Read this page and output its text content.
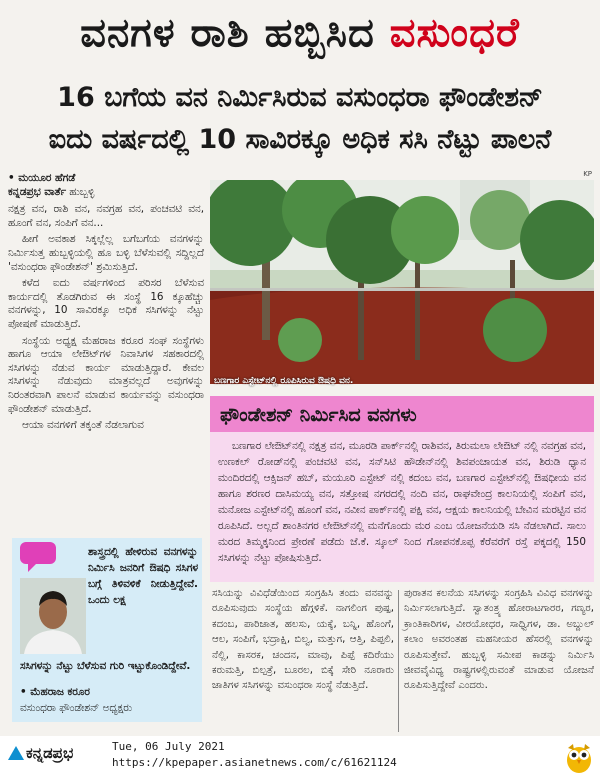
ವನಗಳ ರಾಶಿ ಹಬ್ಬಿಸಿದ ವಸುಂಧರೆ
16 ಬಗೆಯ ವನ ನಿರ್ಮಿಸಿರುವ ವಸುಂಧರಾ ಫೌಂಡೇಶನ್
ಐದು ವರ್ಷದಲ್ಲಿ 10 ಸಾವಿರಕ್ಕೂ ಅಧಿಕ ಸಸಿ ನೆಟ್ಟು ಪಾಲನೆ
KP
• ಮಯೂರ ಹೆಗಡೆ
ಕನ್ನಡಪ್ರಭ ವಾರ್ತೆ ಹುಬ್ಬಳ್ಳಿ

ನಕ್ಷತ್ರ ವನ, ರಾಶಿ ವನ, ನವಗ್ರಹ ವನ, ಪಂಚವಟಿ ವನ, ಹೂಂಗೆ ವನ, ಸಂಪಿಗೆ ವನ...

ಹೀಗೆ ಅವಕಾಶ ಸಿಕ್ಕಲ್ಲೆಲ್ಲ ಬಗೆಬಗೆಯ ವನಗಳನ್ನು ನಿರ್ಮಿಸುತ್ತ ಹುಬ್ಬಳ್ಳಿಯಲ್ಲಿ ಹೂ ಬಳ್ಳಿ ಬೆಳೆಸುವಲ್ಲಿ ಸದ್ದಿಲ್ಲದೆ 'ವಸುಂಧರಾ ಫೌಂಡೇಶನ್' ಶ್ರಮಿಸುತ್ತಿದೆ.

ಕಳೆದ ಐದು ವರ್ಷಗಳಿಂದ ಪರಿಸರ ಬೆಳೆಸುವ ಕಾರ್ಯದಲ್ಲಿ ತೊಡಗಿರುವ ಈ ಸಂಸ್ಥೆ 16 ಕ್ಕೂಹೆಚ್ಚು ವನಗಳನ್ನು, 10 ಸಾವಿರಕ್ಕೂ ಅಧಿಕ ಸಸಿಗಳನ್ನು ನೆಟ್ಟು ಪೋಷಣೆ ಮಾಡುತ್ತಿದೆ.

ಸಂಸ್ಥೆಯ ಅಧ್ಯಕ್ಷ ಮೆಹರಾಜ ಕರೂರ ಸಂಘ ಸಂಸ್ಥೆಗಳು ಹಾಗೂ ಆಯಾ ಲೇಔಟ್‌ಗಳ ನಿವಾಸಿಗಳ ಸಹಕಾರದಲ್ಲಿ ಸಸಿಗಳನ್ನು ನೆಡುವ ಕಾರ್ಯ ಮಾಡುತ್ತಿದ್ದಾರೆ. ಕೇವಲ ಸಸಿಗಳನ್ನು ನೆಡುವುದು ಮಾತ್ರವಲ್ಲದೆ ಅವುಗಳನ್ನು ನಿರಂತರವಾಗಿ ಪಾಲನೆ ಮಾಡುವ ಕಾರ್ಯವನ್ನು ವಸುಂಧರಾ ಫೌಂಡೇಶನ್ ಮಾಡುತ್ತಿದೆ.

ಆಯಾ ವನಗಳಿಗೆ ತಕ್ಕಂತೆ ನೆಡಲಾಗುವ

ಬಣಗಾರ ಎಸ್ಟೇಟ್‌ನಲ್ಲಿ ರೂಪಿಸಿರುವ ಔಷಧಿ ವನ.
ಫೌಂಡೇಶನ್ ನಿರ್ಮಿಸಿದ ವನಗಳು

ಬಣಗಾರ ಲೇಔಟ್‌ನಲ್ಲಿ ನಕ್ಷತ್ರ ವನ, ಮೂರಡಿ ಪಾರ್ಕ್‌ನಲ್ಲಿ ರಾಶಿವನ, ತಿರುಮಲಾ ಲೇಔಟ್ ನಲ್ಲಿ ನವಗ್ರಹ ವನ, ಉಣಕಲ್ ರೋಡ್‌ನಲ್ಲಿ ಪಂಚವಟಿ ವನ, ಸನ್‌ಸಿಟಿ ಹೌಡೇನ್‌ನಲ್ಲಿ ಶಿವಪಂಚಾಯತ ವನ, ಶಿರುಡಿ ಧ್ಯಾನ ಮಂದಿರದಲ್ಲಿ ಆಕ್ಸಿಜನ್ ಹಬ್, ಮಯೂರಿ ಎಸ್ಟೇಟ್ ನಲ್ಲಿ ಕದಂಬ ವನ, ಬಣಗಾರ ಎಸ್ಟೇಟ್‌ನಲ್ಲಿ ಔಷಧೀಯ ವನ ಹಾಗೂ ಶರಣರ ದಾಸಿಮಯ್ಯ ವನ, ಸತ್ತೋಷ ನಗರದಲ್ಲಿ ನಂದಿ ವನ, ರಾಘವೇಂದ್ರ ಕಾಲನಿಯಲ್ಲಿ ಸಂಪಿಗೆ ವನ, ಮನೋಜ ಎಸ್ಟೇಟ್‌ನಲ್ಲಿ ಹೂಂಗೆ ವನ, ನವೀನ ಪಾರ್ಕ್‌ನಲ್ಲಿ ಪಕ್ಷಿ ವನ, ಆಕ್ಷಯ ಕಾಲನಿಯಲ್ಲಿ ಬೇವಿನ ಮರಟ್ಟಿನ ವನ ರೂಪಿಸಿದೆ. ಅಲ್ಲದೆ ಶಾಂತಿನಗರ ಲೇಔಟ್‌ನಲ್ಲಿ ಮನೆಗೊಂದು ಮರ ಎಂಬ ಯೋಜನೆಯಡಿ ಸಸಿ ನೆಡಲಾಗಿದೆ. ಸಾಲು ಮರದ ತಿಮ್ಮಕ್ಕನಿಂದ ಪ್ರೇರಣೆ ಪಡೆದು ಜೆ.ಕೆ. ಸ್ಕೂಲ್ ನಿಂದ ಗೋಪನಕೊಪ್ಪ ಕೆರೆವರೆಗೆ ರಸ್ತೆ ಪಕ್ಕದಲ್ಲಿ 150 ಸಸಿಗಳನ್ನು ನೆಟ್ಟು ಪೋಷಿಸುತ್ತಿದೆ.

ಶಾಸ್ತ್ರದಲ್ಲಿ ಹೇಳಿರುವ ವನಗಳನ್ನು ನಿರ್ಮಿಸಿ ಜನರಿಗೆ ಔಷಧಿ ಸಸಿಗಳ ಬಗ್ಗೆ ತಿಳಿವಳಿಕೆ ನೀಡುತ್ತಿದ್ದೇವೆ. ಒಂದು ಲಕ್ಷ
ಸಸಿಗಳನ್ನು ನೆಟ್ಟು ಬೆಳೆಸುವ ಗುರಿ ಇಟ್ಟುಕೊಂಡಿದ್ದೇವೆ.
• ಮೆಹರಾಜ ಕರೂರ
ವಸುಂಧರಾ ಫೌಂಡೇಶನ್ ಅಧ್ಯಕ್ಷರು
ಸಸಿಯನ್ನು ವಿವಿಧೆಡೆಯಿಂದ ಸಂಗ್ರಹಿಸಿ ತಂದು ವನವನ್ನು ರೂಪಿಸುವುದು ಸಂಸ್ಥೆಯ ಹೆಗ್ಗಳಿಕೆ. ನಾಗಲಿಂಗ ಪುಷ್ಪ, ಕದಂಬ, ಪಾರಿಜಾತ, ಹಲಸು, ಯಕ್ಕೆ, ಬನ್ನಿ, ಹೊಂಗೆ, ಆಲ, ಸಂಪಿಗೆ, ಭದ್ರಾಕ್ಷಿ, ಬಿಲ್ವ, ಮತ್ತುಗ, ಆತ್ತಿ, ಪಿಪ್ಪಲಿ, ನೆಲ್ಲಿ, ಕಾಸರಕ, ಚಂದನ, ಮಾವು, ಪಿಪ್ಪೆ ಕದಿರೆಯು ಕರುಮತ್ತಿ, ಬಿಲ್ಪತ್ರೆ, ಬೂರಲ, ಬಿಕ್ಕೆ ಸೇರಿ ನೂರಾರು ಜಾತಿಗಳ ಸಸಿಗಳನ್ನು ವಸುಂಧರಾ ಸಂಸ್ಥೆ ನೆಡುತ್ತಿದೆ.
ಪುರಾತನ ಕಲನೆಯ ಸಸಿಗಳನ್ನು ಸಂಗ್ರಹಿಸಿ ವಿವಿಧ ವನಗಳನ್ನು ನಿರ್ಮಿಸಲಾಗುತ್ತಿದೆ. ಸ್ವಾತಂತ್ರ್ಯ ಹೋರಾಟಗಾರರ, ಗಣ್ಯರ, ಕ್ರಾಂತಿಕಾರಿಗಳ, ವೀರಯೋಧರ, ಸಾಧ್ವಿಗಳ, ಡಾ. ಅಬ್ದುಲ್ ಕಲಾಂ ಅವರಂತಹ ಮಹನೀಯರ ಹೆಸರಲ್ಲಿ ವನಗಳನ್ನು ರೂಪಿಸುತ್ತೇವೆ. ಹುಬ್ಬಳ್ಳಿ ಸಮೀಪ ಕಾಡನ್ನು ನಿರ್ಮಿಸಿ ಜೀವವೈವಿಧ್ಯ ರಾಷ್ಟ್ರಗಳಲ್ಲಿರುವಂತೆ ಮಾಡುವ ಯೋಜನೆ ರೂಪಿಸುತ್ತಿದ್ದೇವೆ ಎಂದರು.
ಕನ್ನಡಪ್ರಭ	Tue, 06 July 2021
https://kpepaper.asianetnews.com/c/61621124
